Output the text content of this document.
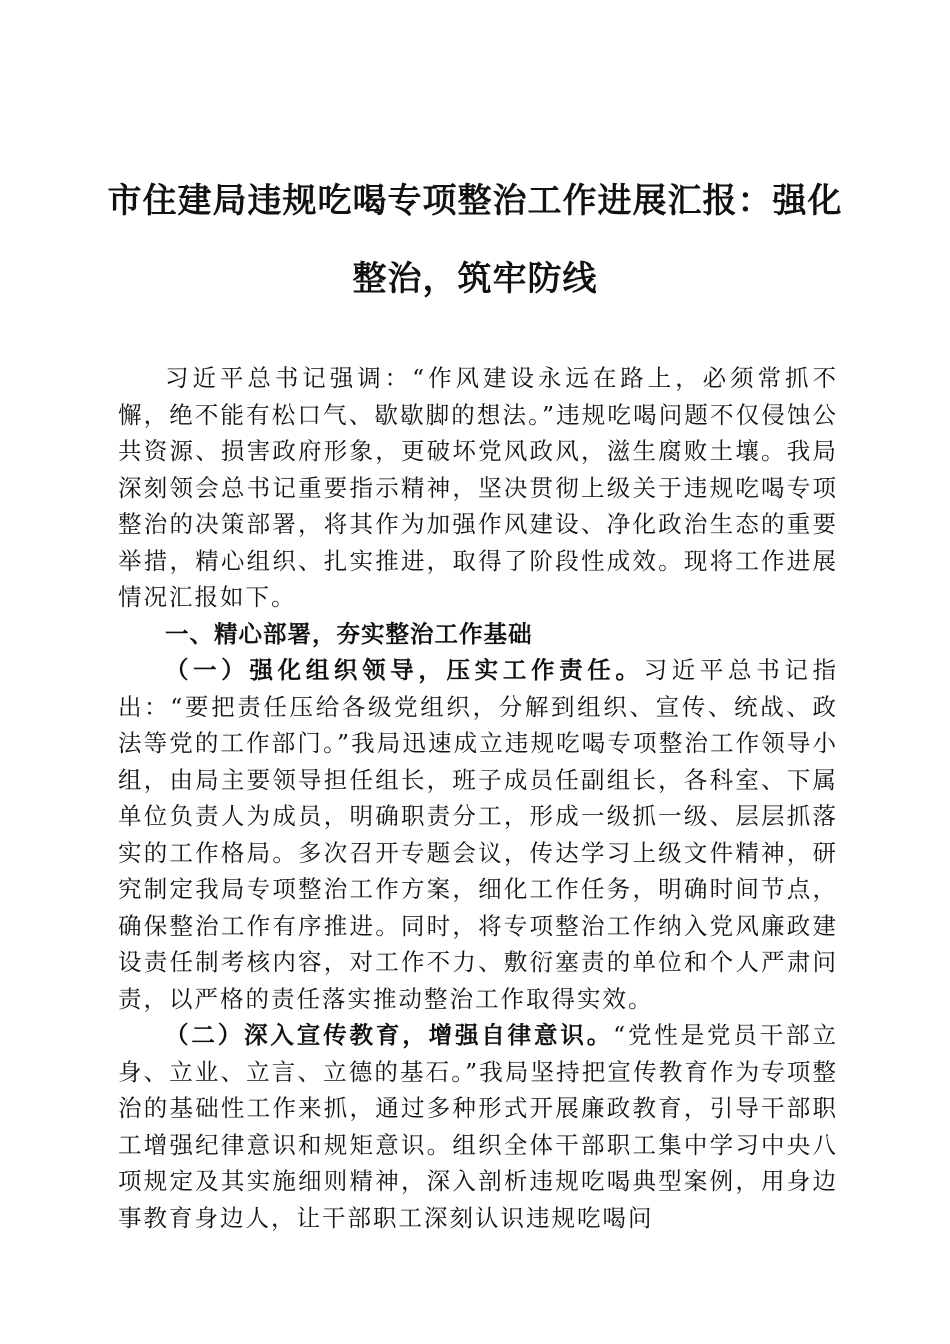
市住建局违规吃喝专项整治工作进展汇报：强化整治，筑牢防线

习近平总书记强调：“作风建设永远在路上，必须常抓不懈，绝不能有松口气、歇歇脚的想法。”违规吃喝问题不仅侵蚀公共资源、损害政府形象，更破坏党风政风，滋生腐败土壤。我局深刻领会总书记重要指示精神，坚决贯彻上级关于违规吃喝专项整治的决策部署，将其作为加强作风建设、净化政治生态的重要举措，精心组织、扎实推进，取得了阶段性成效。现将工作进展情况汇报如下。

一、精心部署，夯实整治工作基础

（一）强化组织领导，压实工作责任。习近平总书记指出：“要把责任压给各级党组织，分解到组织、宣传、统战、政法等党的工作部门。”我局迅速成立违规吃喝专项整治工作领导小组，由局主要领导担任组长，班子成员任副组长，各科室、下属单位负责人为成员，明确职责分工，形成一级抓一级、层层抓落实的工作格局。多次召开专题会议，传达学习上级文件精神，研究制定我局专项整治工作方案，细化工作任务，明确时间节点，确保整治工作有序推进。同时，将专项整治工作纳入党风廉政建设责任制考核内容，对工作不力、敷衍塞责的单位和个人严肃问责，以严格的责任落实推动整治工作取得实效。

（二）深入宣传教育，增强自律意识。“党性是党员干部立身、立业、立言、立德的基石。”我局坚持把宣传教育作为专项整治的基础性工作来抓，通过多种形式开展廉政教育，引导干部职工增强纪律意识和规矩意识。组织全体干部职工集中学习中央八项规定及其实施细则精神，深入剖析违规吃喝典型案例，用身边事教育身边人，让干部职工深刻认识违规吃喝问
